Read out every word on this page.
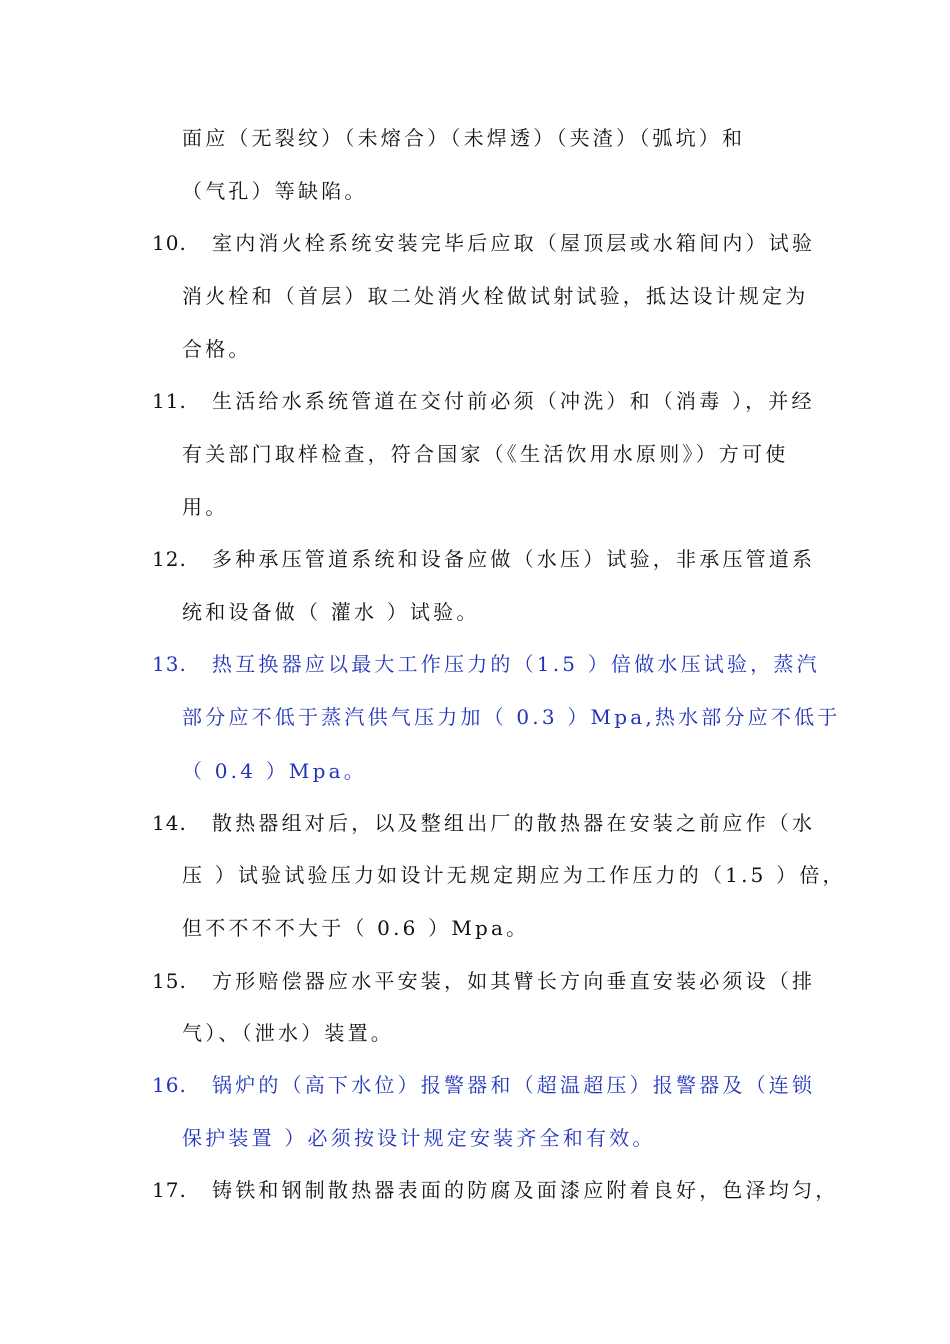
面应（无裂纹）（未熔合）（未焊透）（夹渣）（弧坑）和
（气孔）等缺陷。
10. 室内消火栓系统安装完毕后应取（屋顶层或水箱间内）试验
消火栓和（首层）取二处消火栓做试射试验，抵达设计规定为
合格。
11. 生活给水系统管道在交付前必须（冲洗）和（消毒 ），并经
有关部门取样检查，符合国家（《生活饮用水原则》）方可使
用。
12. 多种承压管道系统和设备应做（水压）试验，非承压管道系
统和设备做（ 灌水 ）试验。
13. 热互换器应以最大工作压力的（1.5 ）倍做水压试验，蒸汽
部分应不低于蒸汽供气压力加（ 0.3 ）Mpa,热水部分应不低于
（ 0.4 ）Mpa。
14. 散热器组对后，以及整组出厂的散热器在安装之前应作（水
压 ）试验试验压力如设计无规定期应为工作压力的（1.5 ）倍，
但不不不不大于（ 0.6 ）Mpa。
15. 方形赔偿器应水平安装，如其臂长方向垂直安装必须设（排
气）、（泄水）装置。
16. 锅炉的（高下水位）报警器和（超温超压）报警器及（连锁
保护装置 ）必须按设计规定安装齐全和有效。
17. 铸铁和钢制散热器表面的防腐及面漆应附着良好，色泽均匀，
